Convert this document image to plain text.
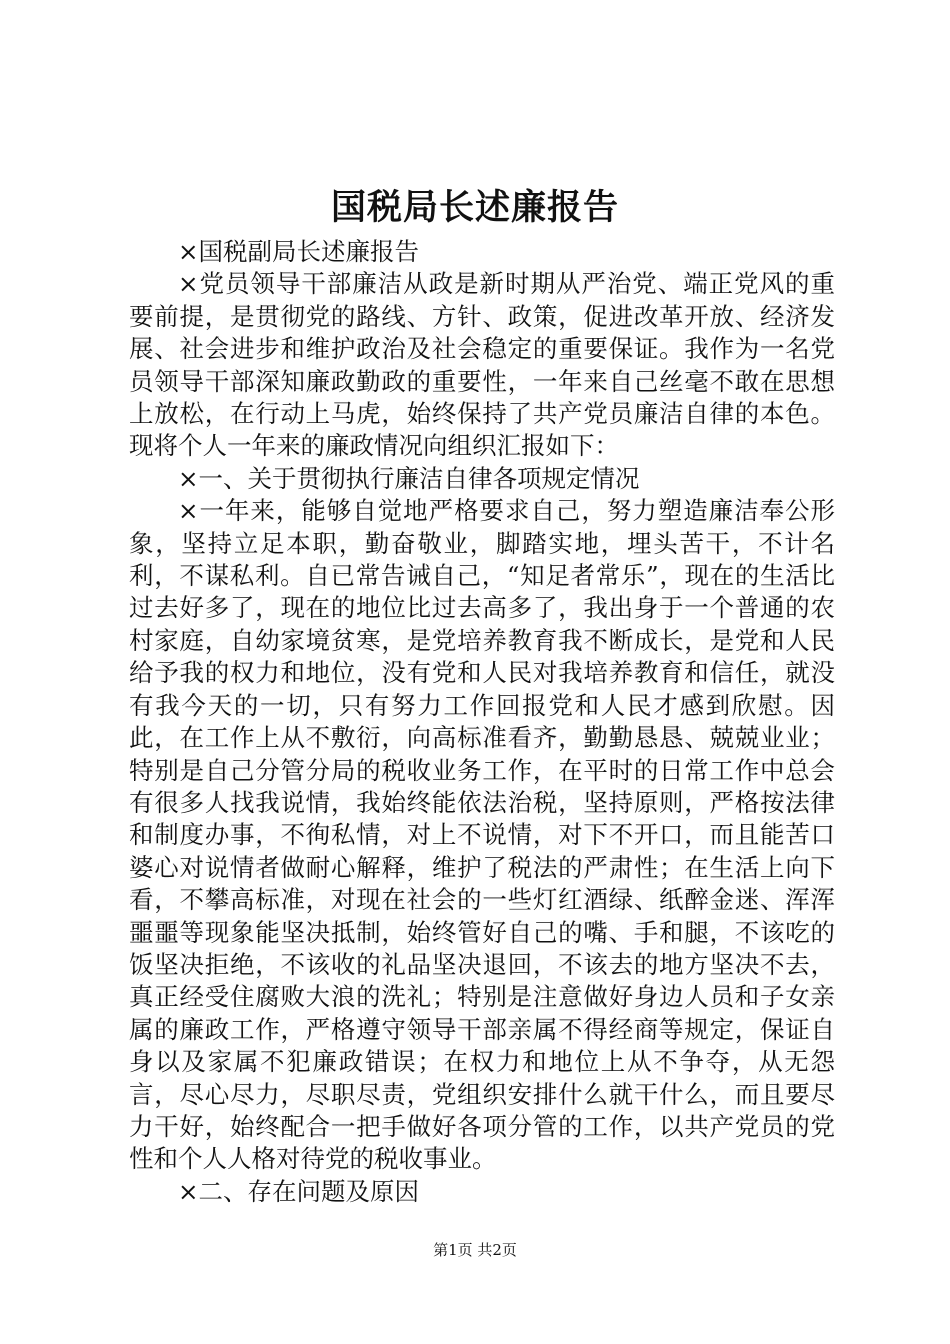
国税局长述廉报告

×国税副局长述廉报告

×党员领导干部廉洁从政是新时期从严治党、端正党风的重要前提，是贯彻党的路线、方针、政策，促进改革开放、经济发展、社会进步和维护政治及社会稳定的重要保证。我作为一名党员领导干部深知廉政勤政的重要性，一年来自己丝毫不敢在思想上放松，在行动上马虎，始终保持了共产党员廉洁自律的本色。现将个人一年来的廉政情况向组织汇报如下：

×一、关于贯彻执行廉洁自律各项规定情况

×一年来，能够自觉地严格要求自己，努力塑造廉洁奉公形象，坚持立足本职，勤奋敬业，脚踏实地，埋头苦干，不计名利，不谋私利。自已常告诫自己，“知足者常乐”，现在的生活比过去好多了，现在的地位比过去高多了，我出身于一个普通的农村家庭，自幼家境贫寒，是党培养教育我不断成长，是党和人民给予我的权力和地位，没有党和人民对我培养教育和信任，就没有我今天的一切，只有努力工作回报党和人民才感到欣慰。因此，在工作上从不敷衍，向高标准看齐，勤勤恳恳、兢兢业业；特别是自己分管分局的税收业务工作，在平时的日常工作中总会有很多人找我说情，我始终能依法治税，坚持原则，严格按法律和制度办事，不徇私情，对上不说情，对下不开口，而且能苦口婆心对说情者做耐心解释，维护了税法的严肃性；在生活上向下看，不攀高标准，对现在社会的一些灯红酒绿、纸醉金迷、浑浑噩噩等现象能坚决抵制，始终管好自己的嘴、手和腿，不该吃的饭坚决拒绝，不该收的礼品坚决退回，不该去的地方坚决不去，真正经受住腐败大浪的洗礼；特别是注意做好身边人员和子女亲属的廉政工作，严格遵守领导干部亲属不得经商等规定，保证自身以及家属不犯廉政错误；在权力和地位上从不争夺，从无怨言，尽心尽力，尽职尽责，党组织安排什么就干什么，而且要尽力干好，始终配合一把手做好各项分管的工作，以共产党员的党性和个人人格对待党的税收事业。

×二、存在问题及原因

第1页 共2页
